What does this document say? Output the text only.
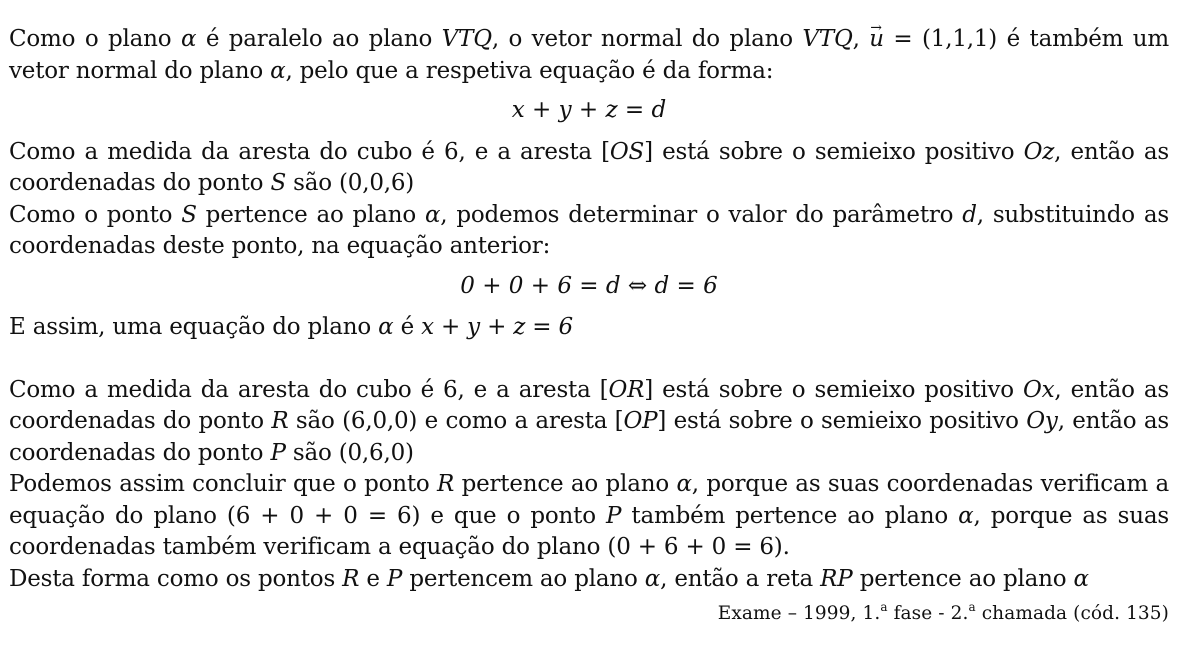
Como o plano α é paralelo ao plano VTQ, o vetor normal do plano VTQ, → u = (1,1,1) é também um vetor normal do plano α, pelo que a respetiva equação é da forma:

x + y + z = d

Como a medida da aresta do cubo é 6, e a aresta [OS] está sobre o semieixo positivo Oz, então as coordenadas do ponto S são (0,0,6)

Como o ponto S pertence ao plano α, podemos determinar o valor do parâmetro d, substituindo as coordenadas deste ponto, na equação anterior:

0 + 0 + 6 = d ⇔ d = 6

E assim, uma equação do plano α é x + y + z = 6

Como a medida da aresta do cubo é 6, e a aresta [OR] está sobre o semieixo positivo Ox, então as coordenadas do ponto R são (6,0,0) e como a aresta [OP] está sobre o semieixo positivo Oy, então as coordenadas do ponto P são (0,6,0)

Podemos assim concluir que o ponto R pertence ao plano α, porque as suas coordenadas verificam a equação do plano (6 + 0 + 0 = 6) e que o ponto P também pertence ao plano α, porque as suas coordenadas também verificam a equação do plano (0 + 6 + 0 = 6).

Desta forma como os pontos R e P pertencem ao plano α, então a reta RP pertence ao plano α

Exame – 1999, 1.$^a$ fase - 2.$^a$ chamada (cód. 135)
